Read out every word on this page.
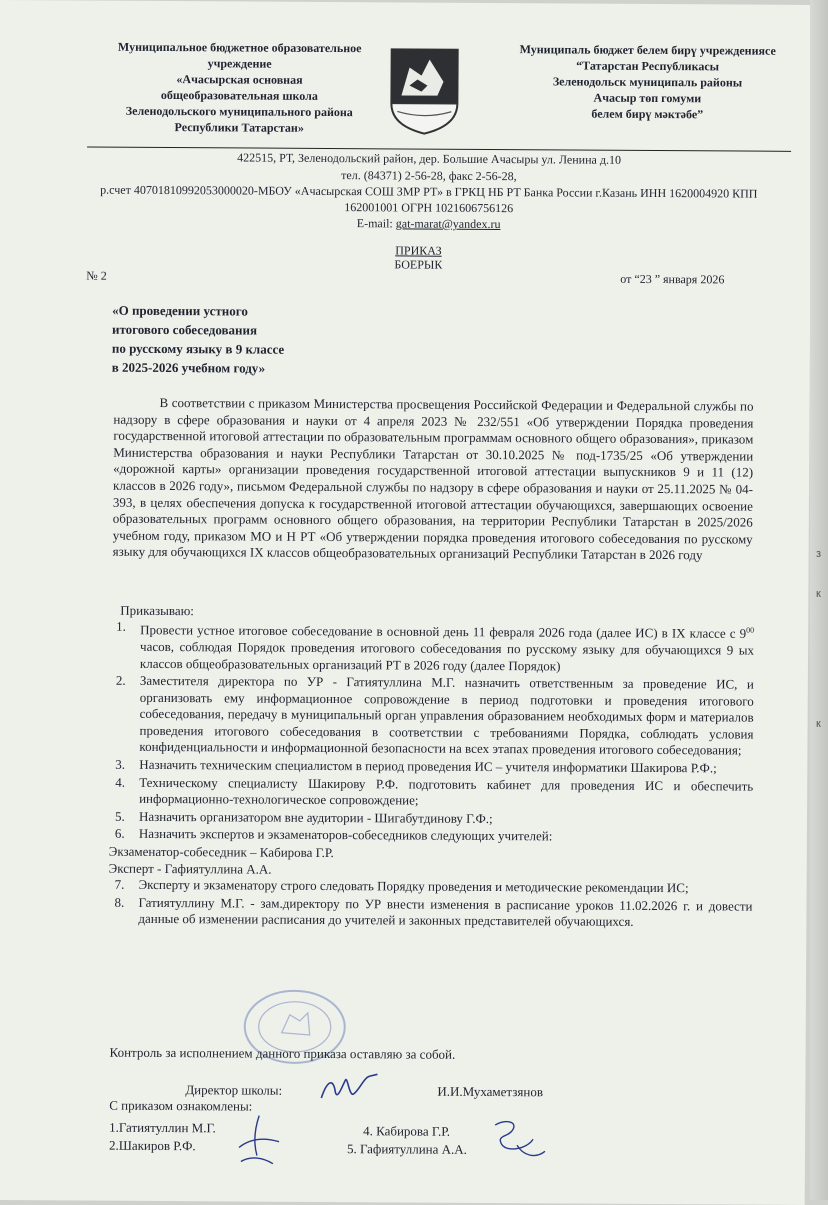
Муниципальное бюджетное образовательное
учреждение
«Ачасырская основная
общеобразовательная школа
Зеленодольского муниципального района
Республики Татарстан»
Муниципаль бюджет белем бирү учреждениясе
“Татарстан Республикасы
Зеленодольск муниципаль районы
Ачасыр төп гомуми
белем бирү мәктәбе”
422515, РТ, Зеленодольский район, дер. Большие Ачасыры ул. Ленина д.10
тел. (84371) 2-56-28, факс 2-56-28,
р.счет 40701810992053000020-МБОУ «Ачасырская СОШ ЗМР РТ» в ГРКЦ НБ РТ Банка России г.Казань ИНН 1620004920 КПП
162001001 ОГРН 1021606756126
E-mail: gat-marat@yandex.ru
ПРИКАЗ
БОЕРЫК
№ 2	от “23 ” января 2026
«О проведении устного
итогового собеседования
по русскому языку в 9 классе
в 2025-2026 учебном году»

В соответствии с приказом Министерства просвещения Российской Федерации и Федеральной службы по надзору в сфере образования и науки от 4 апреля 2023 № 232/551 «Об утверждении Порядка проведения государственной итоговой аттестации по образовательным программам основного общего образования», приказом Министерства образования и науки Республики Татарстан от 30.10.2025 № под-1735/25 «Об утверждении «дорожной карты» организации проведения государственной итоговой аттестации выпускников 9 и 11 (12) классов в 2026 году», письмом Федеральной службы по надзору в сфере образования и науки от 25.11.2025 № 04-393, в целях обеспечения допуска к государственной итоговой аттестации обучающихся, завершающих освоение образовательных программ основного общего образования, на территории Республики Татарстан в 2025/2026 учебном году, приказом МО и Н РТ «Об утверждении порядка проведения итогового собеседования по русскому языку для обучающихся IX классов общеобразовательных организаций Республики Татарстан в 2026 году

Приказываю:
1. Провести устное итоговое собеседование в основной день 11 февраля 2026 года (далее ИС) в IX классе с $9^{00}$ часов, соблюдая Порядок проведения итогового собеседования по русскому языку для обучающихся 9 ых классов общеобразовательных организаций РТ в 2026 году (далее Порядок)
2. Заместителя директора по УР - Гатиятуллина М.Г. назначить ответственным за проведение ИС, и организовать ему информационное сопровождение в период подготовки и проведения итогового собеседования, передачу в муниципальный орган управления образованием необходимых форм и материалов проведения итогового собеседования в соответствии с требованиями Порядка, соблюдать условия конфиденциальности и информационной безопасности на всех этапах проведения итогового собеседования;
3. Назначить техническим специалистом в период проведения ИС – учителя информатики Шакирова Р.Ф.;
4. Техническому специалисту Шакирову Р.Ф. подготовить кабинет для проведения ИС и обеспечить информационно-технологическое сопровождение;
5. Назначить организатором вне аудитории - Шигабутдинову Г.Ф.;
6. Назначить экспертов и экзаменаторов-собеседников следующих учителей:
Экзаменатор-собеседник – Кабирова Г.Р.
Эксперт - Гафиятуллина А.А.
7. Эксперту и экзаменатору строго следовать Порядку проведения и методические рекомендации ИС;
8. Гатиятуллину М.Г. - зам.директору по УР внести изменения в расписание уроков 11.02.2026 г. и довести данные об изменении расписания до учителей и законных представителей обучающихся.
Контроль за исполнением данного приказа оставляю за собой.
Директор школы:	И.И.Мухаметзянов
С приказом ознакомлены:
1.Гатиятуллин М.Г.
2.Шакиров Р.Ф.
4. Кабирова Г.Р.
5. Гафиятуллина А.А.
з
к
к
